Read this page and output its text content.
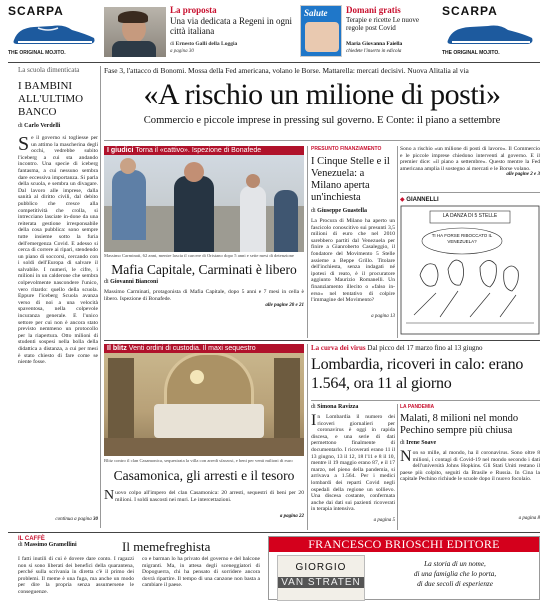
SCARPA
THE ORIGINAL MOJITO.
La proposta
Una via dedicata a Regeni in ogni città italiana
di Ernesto Galli della Loggia
a pagina 30
Salute	Domani gratis
Terapie e ricette Le nuove regole post Covid
Maria Giovanna Faiella
chiedete l'inserto in edicola
SCARPA
THE ORIGINAL MOJITO.
La scuola dimenticata
I BAMBINI ALL'ULTIMO BANCO
di Carlo Verdelli
Se il governo si togliesse per un attimo la mascherina degli occhi, vedrebbe subito l'iceberg a cui sta andando incontro. Una specie di iceberg fantasma, a cui nessuno sembra dare eccessiva importanza. Si parla della scuola, e sembra un divagare. Dal lavoro alle imprese, dalla sanità al diritto civili, dal debito pubblico che cresce alla competitività che crolla, si intrecciano lasciate in-done da una reiterata gestione irresponsabile della cosa pubblica: sono sempre tutte insieme sotto la furia dell'emergenza Covid. E adesso si cerca di correre ai ripari, stendendo un piano di soccorsi, cercando con i soldi dell'Europa di salvare il salvabile. I numeri, le cifre, i milioni in un calderone che sembra colpevolmente nascondere l'unico, vero ritardo: quello della scuola. Eppure l'iceberg Scuola avanza verso di noi a una velocità spaventosa, nella colpevole incuranza generale. E l'unico settore per cui non è ancora stato previsto nemmeno un protocollo per la riapertura. Otto milioni di studenti sospesi nella bolla della didattica a distanza, a cui per mesi è stato chiesto di fare come se niente fosse.
continua a pagina 30
Fase 3, l'attacco di Bonomi. Mossa della Fed americana, volano le Borse. Mattarella: mercati decisivi. Nuova Alitalia al via
«A rischio un milione di posti»
Commercio e piccole imprese in pressing sul governo. E Conte: il piano a settembre
I giudici Torna il «cattivo». Ispezione di Bonafede
Massimo Carminati, 62 anni, mentre lascia il carcere di Oristano dopo 5 anni e sette mesi di detenzione
Mafia Capitale, Carminati è libero
di Giovanni Bianconi
Massimo Carminati, protagonista di Mafia Capitale, dopo 5 anni e 7 mesi in cella è libero. Ispezione di Bonafede.
alle pagine 20 e 21
PRESUNTO FINANZIAMENTO
I Cinque Stelle e il Venezuela: a Milano aperta un'inchiesta
di Giuseppe Guastella
La Procura di Milano ha aperto un fascicolo conoscitivo sui presunti 3,5 milioni di euro che nel 2010 sarebbero partiti dal Venezuela per finire a Gianroberto Casaleggio, il fondatore del Movimento 5 Stelle assieme a Beppe Grillo. Titolare dell'inchiesta, senza indagati né ipotesi di reato, è il procuratore aggiunto Maurizio Romanelli. Un finanziamento illecito o «falso in-erso» nel tentativo di colpire l'immagine del Movimento?
a pagina 13
Sono a rischio «un milione di posti di lavoro». Il Commercio e le piccole imprese chiedono interventi al governo. E il premier dice: «il piano a settembre». Questo mentre la Fed americana amplia il sostegno ai mercati e le Borse volano.
alle pagine 2 e 3
◆ GIANNELLI
LA DANZA DI 5 STELLE
TI HA FORSE RIBOCCATO IL VENEZUELA?
Il blitz Venti ordini di custodia. Il maxi sequestro
Blitz contro il clan Casamonica, sequestrata la villa con arredi sfarzosi, e beni per venti milioni di euro
Casamonica, gli arresti e il tesoro
Nuovo colpo all'impero del clan Casamonica: 20 arresti, sequestri di beni per 20 milioni. I soldi nascosti nei muri. Le intercettazioni.
a pagina 22
La curva dei virus Dal picco del 17 marzo fino al 13 giugno
Lombardia, ricoveri in calo: erano 1.564, ora 11 al giorno
di Simona Ravizza
In Lombardia il numero dei ricoveri giornalieri per coronavirus è oggi in rapida discesa, e una serie di dati permettono finalmente di documentarlo. I ricoverati erano 11 il 13 giugno, 13 il 12, 18 l'11 e 8 il 10, mentre il 19 maggio erano 87, e il 17 marzo, nel pieno della pandemia, si arrivava a 1.564. Per i medici lombardi dei reparti Covid negli ospedali della regione un sollievo. Una discesa costante, confermata anche dai dati sui pazienti ricoverati in terapia intensiva.
a pagina 5
LA PANDEMIA
Malati, 8 milioni nel mondo Pechino sempre più chiusa
di Irene Soave
Non so mille, al mondo, ha il coronavirus. Sono oltre 8 milioni, i contagi di Covid-19 nel mondo secondo i dati dell'università Johns Hopkins. Gli Stati Uniti restano il paese più colpito, seguiti da Brasile e Russia. In Cina la capitale Pechino richiude le scuole dopo il nuovo focolaio.
a pagina 8
IL CAFFÈ
di Massimo Gramellini	Il memefreghista
I fatti inutili di cui è dovere dare conto. I ragazzi non si sono liberati dei benefici della quarantena, perché sulla scrivania in diretta c'è il primo dei problemi. Il meme è una fuga, ma anche un modo per dire la propria senza assumersene le conseguenze.
co e barman lo ha privato del governo e del balcone migranti. Ma, in attesa degli sceneggiatori di Dopoguerra, chi ha pensato di sorridere ancora dovrà ripartire. Il tempo di una canzone non basta a cambiare il paese.
FRANCESCO BRIOSCHI EDITORE
GIORGIO
VAN STRATEN
La storia di un nome,
di una famiglia che lo porta,
di due secoli di esperienze
